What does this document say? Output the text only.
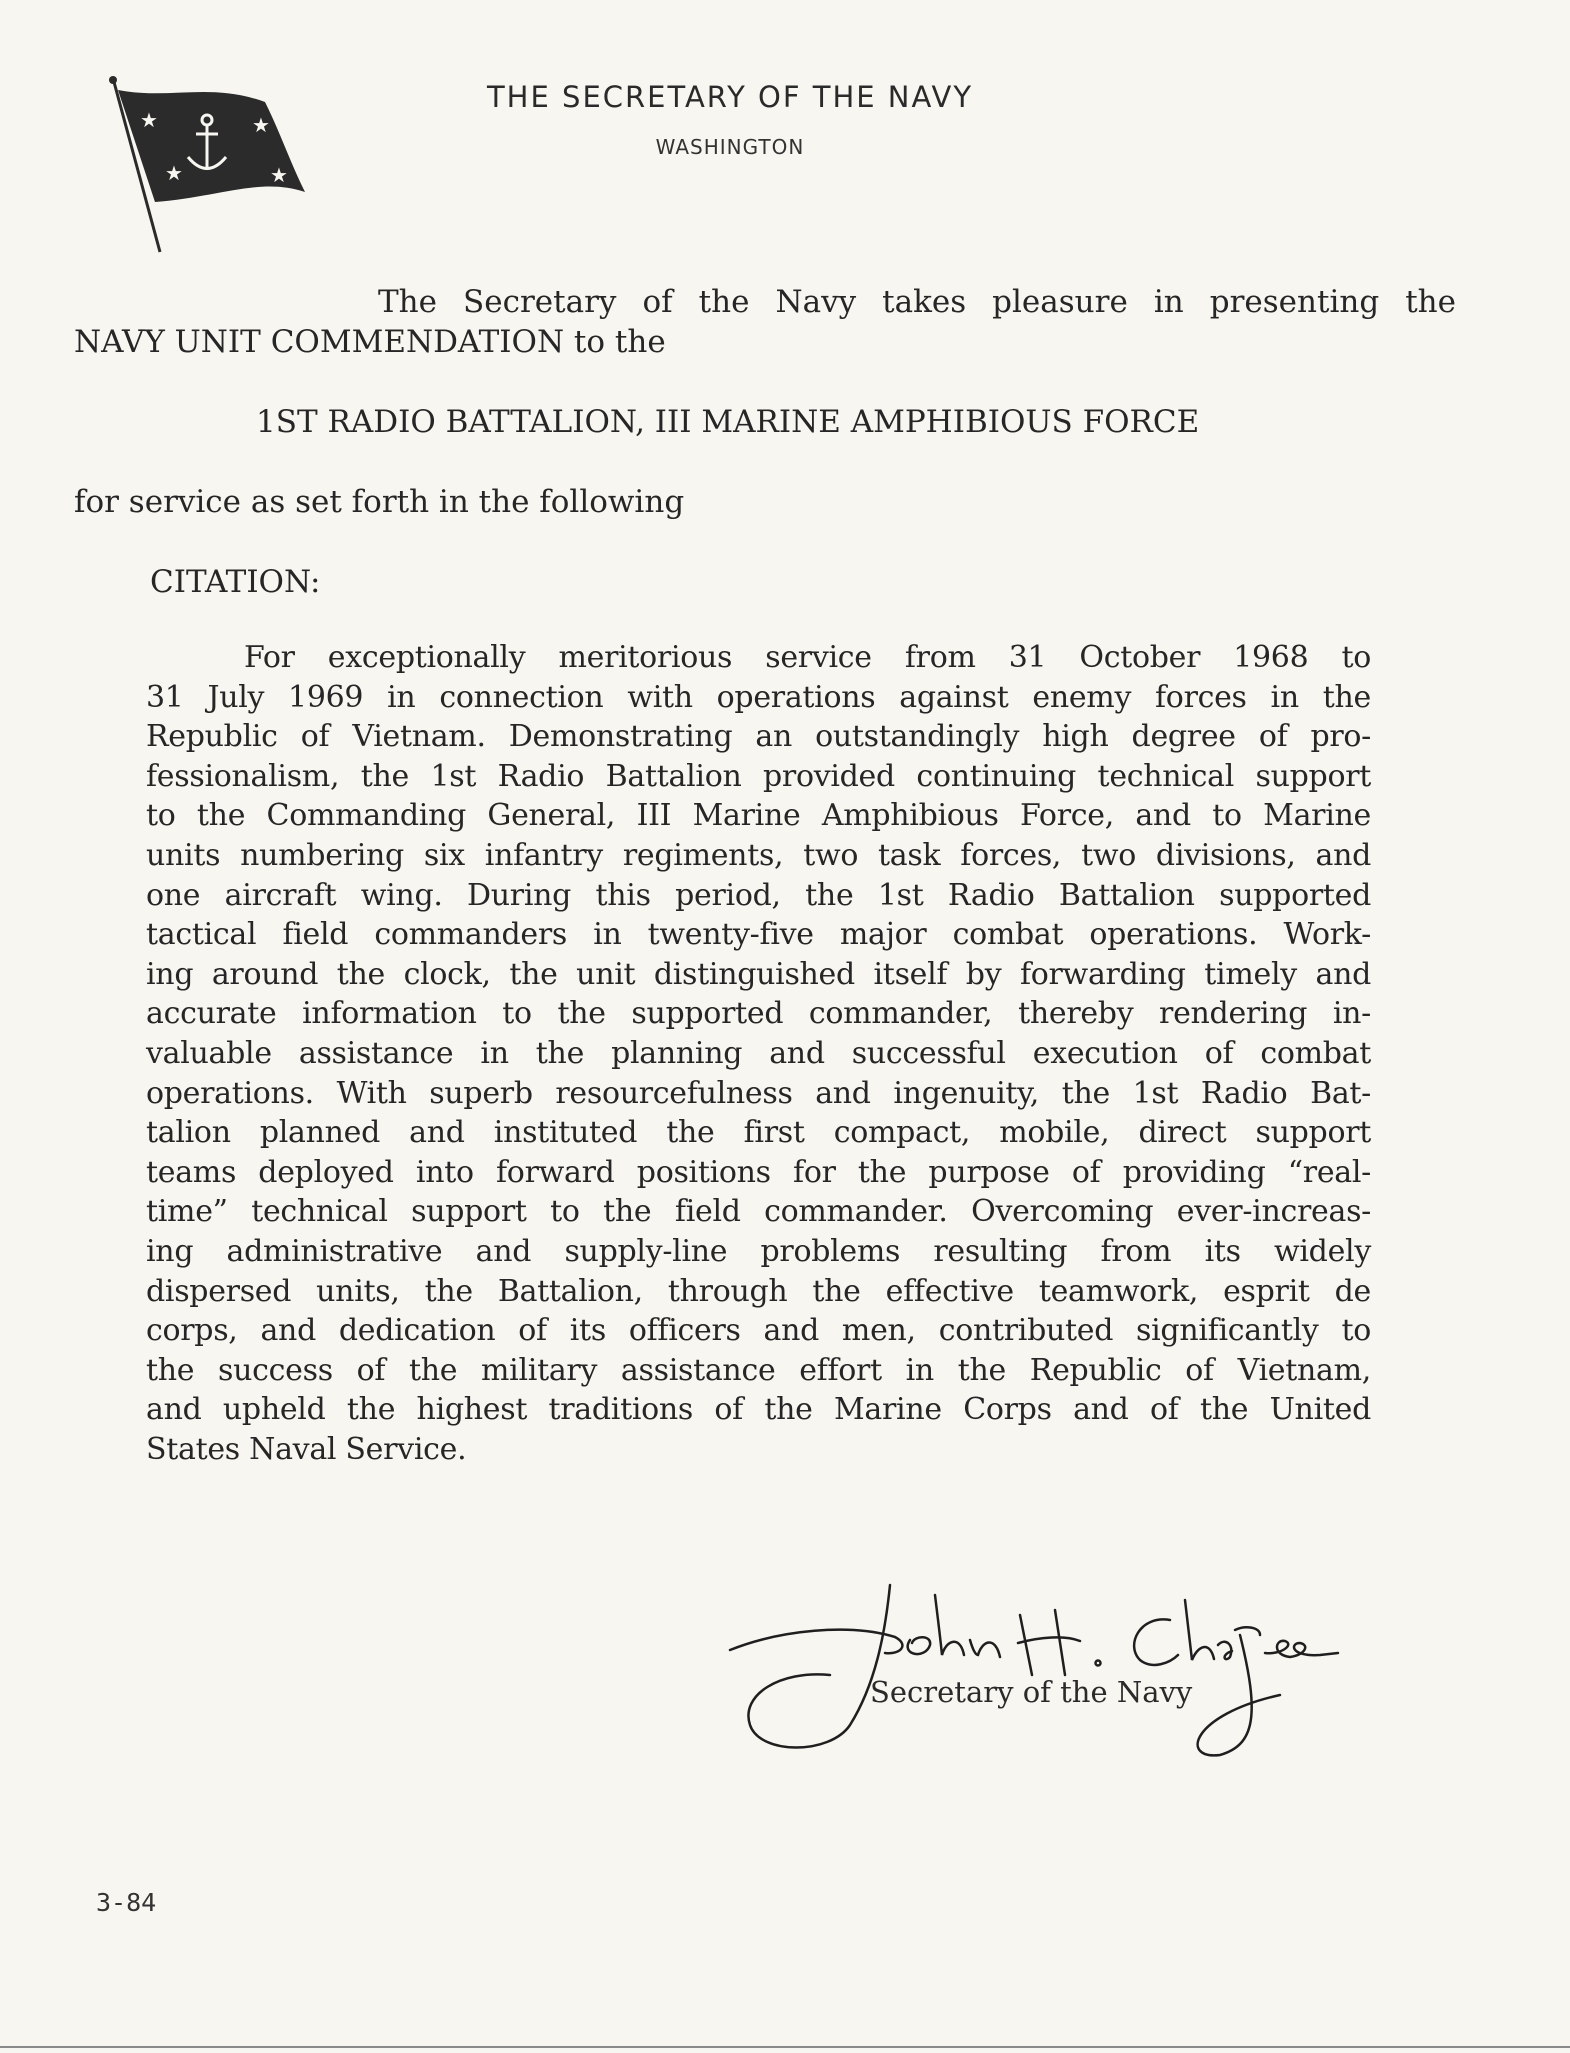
★	★
★	★
THE SECRETARY OF THE NAVY
WASHINGTON
The Secretary of the Navy takes pleasure in presenting the
NAVY UNIT COMMENDATION to the
1ST RADIO BATTALION, III MARINE AMPHIBIOUS FORCE
for service as set forth in the following
CITATION:
For exceptionally meritorious service from 31 October 1968 to
31 July 1969 in connection with operations against enemy forces in the
Republic of Vietnam. Demonstrating an outstandingly high degree of pro-
fessionalism, the 1st Radio Battalion provided continuing technical support
to the Commanding General, III Marine Amphibious Force, and to Marine
units numbering six infantry regiments, two task forces, two divisions, and
one aircraft wing. During this period, the 1st Radio Battalion supported
tactical field commanders in twenty-five major combat operations. Work-
ing around the clock, the unit distinguished itself by forwarding timely and
accurate information to the supported commander, thereby rendering in-
valuable assistance in the planning and successful execution of combat
operations. With superb resourcefulness and ingenuity, the 1st Radio Bat-
talion planned and instituted the first compact, mobile, direct support
teams deployed into forward positions for the purpose of providing “real-
time” technical support to the field commander. Overcoming ever-increas-
ing administrative and supply-line problems resulting from its widely
dispersed units, the Battalion, through the effective teamwork, esprit de
corps, and dedication of its officers and men, contributed significantly to
the success of the military assistance effort in the Republic of Vietnam,
and upheld the highest traditions of the Marine Corps and of the United
States Naval Service.
Secretary of the Navy
3-84
